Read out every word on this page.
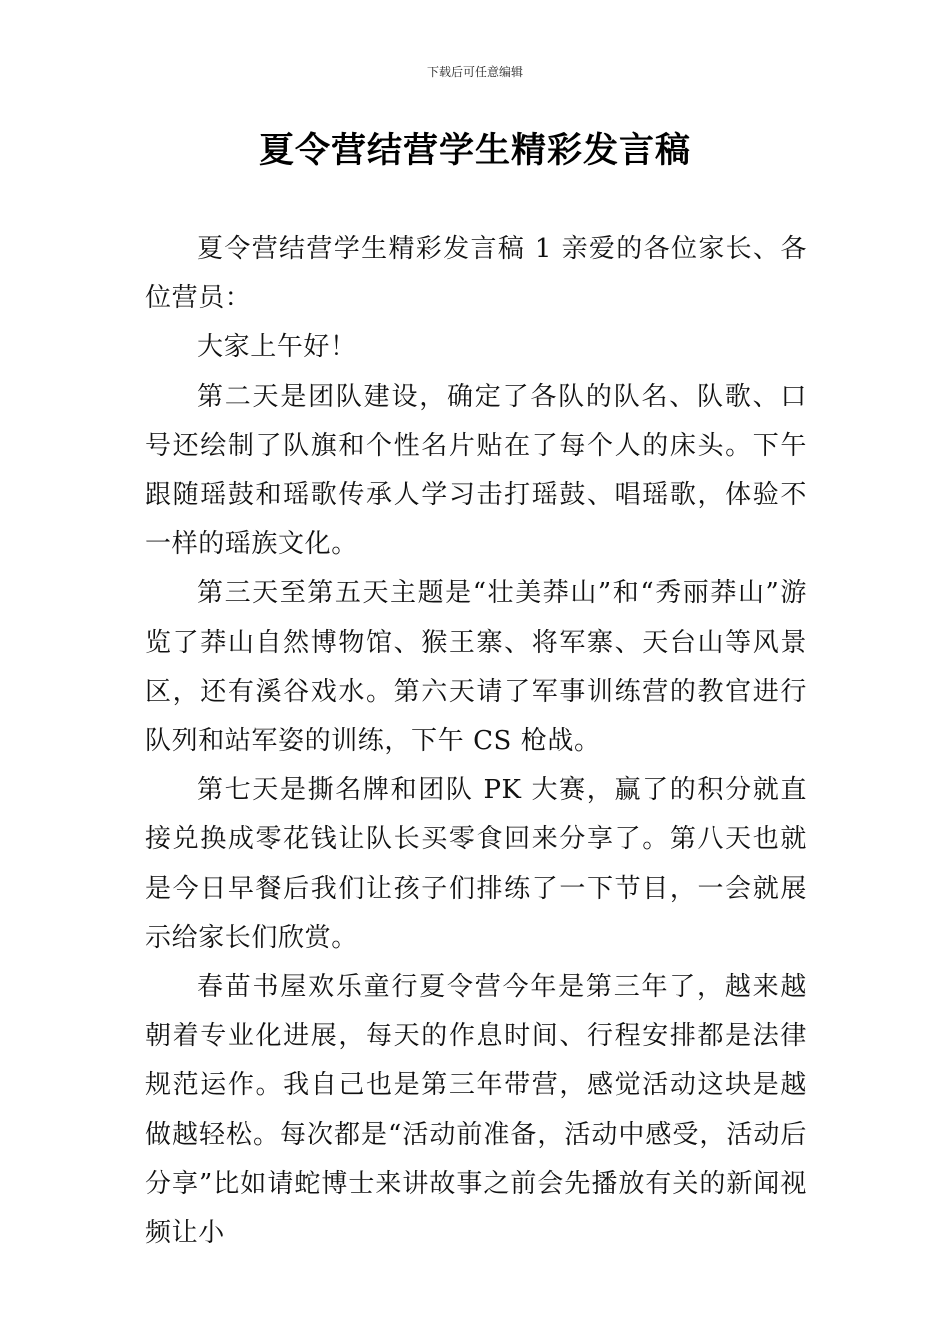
下载后可任意编辑
夏令营结营学生精彩发言稿

夏令营结营学生精彩发言稿 1 亲爱的各位家长、各位营员：

大家上午好！

第二天是团队建设，确定了各队的队名、队歌、口号还绘制了队旗和个性名片贴在了每个人的床头。下午跟随瑶鼓和瑶歌传承人学习击打瑶鼓、唱瑶歌，体验不一样的瑶族文化。

第三天至第五天主题是“壮美莽山”和“秀丽莽山”游览了莽山自然博物馆、猴王寨、将军寨、天台山等风景区，还有溪谷戏水。第六天请了军事训练营的教官进行队列和站军姿的训练，下午 CS 枪战。

第七天是撕名牌和团队 PK 大赛，赢了的积分就直接兑换成零花钱让队长买零食回来分享了。第八天也就是今日早餐后我们让孩子们排练了一下节目，一会就展示给家长们欣赏。

春苗书屋欢乐童行夏令营今年是第三年了，越来越朝着专业化进展，每天的作息时间、行程安排都是法律规范运作。我自己也是第三年带营，感觉活动这块是越做越轻松。每次都是“活动前准备，活动中感受，活动后分享”比如请蛇博士来讲故事之前会先播放有关的新闻视频让小
